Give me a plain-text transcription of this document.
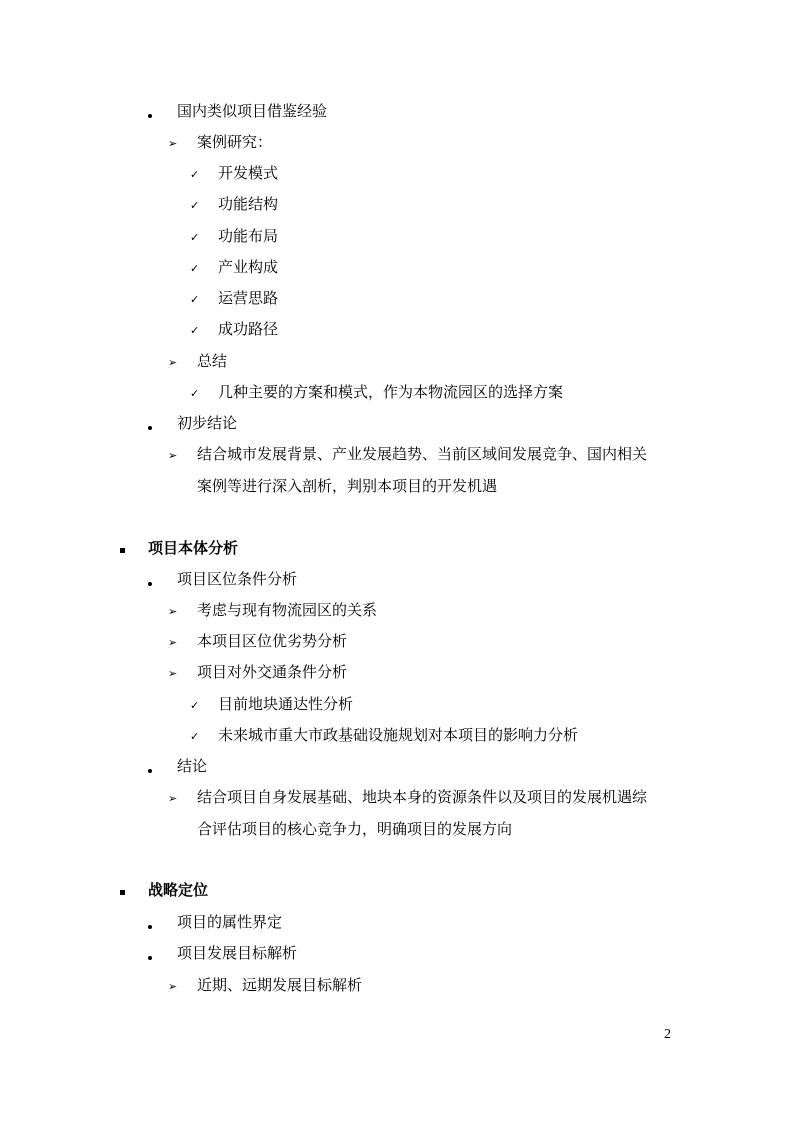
国内类似项目借鉴经验
➢ 案例研究：
✓ 开发模式
✓ 功能结构
✓ 功能布局
✓ 产业构成
✓ 运营思路
✓ 成功路径
➢ 总结
✓ 几种主要的方案和模式，作为本物流园区的选择方案
初步结论
➢ 结合城市发展背景、产业发展趋势、当前区域间发展竞争、国内相关
案例等进行深入剖析，判别本项目的开发机遇
项目本体分析
项目区位条件分析
➢ 考虑与现有物流园区的关系
➢ 本项目区位优劣势分析
➢ 项目对外交通条件分析
✓ 目前地块通达性分析
✓ 未来城市重大市政基础设施规划对本项目的影响力分析
结论
➢ 结合项目自身发展基础、地块本身的资源条件以及项目的发展机遇综
合评估项目的核心竞争力，明确项目的发展方向
战略定位
项目的属性界定
项目发展目标解析
➢ 近期、远期发展目标解析
2
